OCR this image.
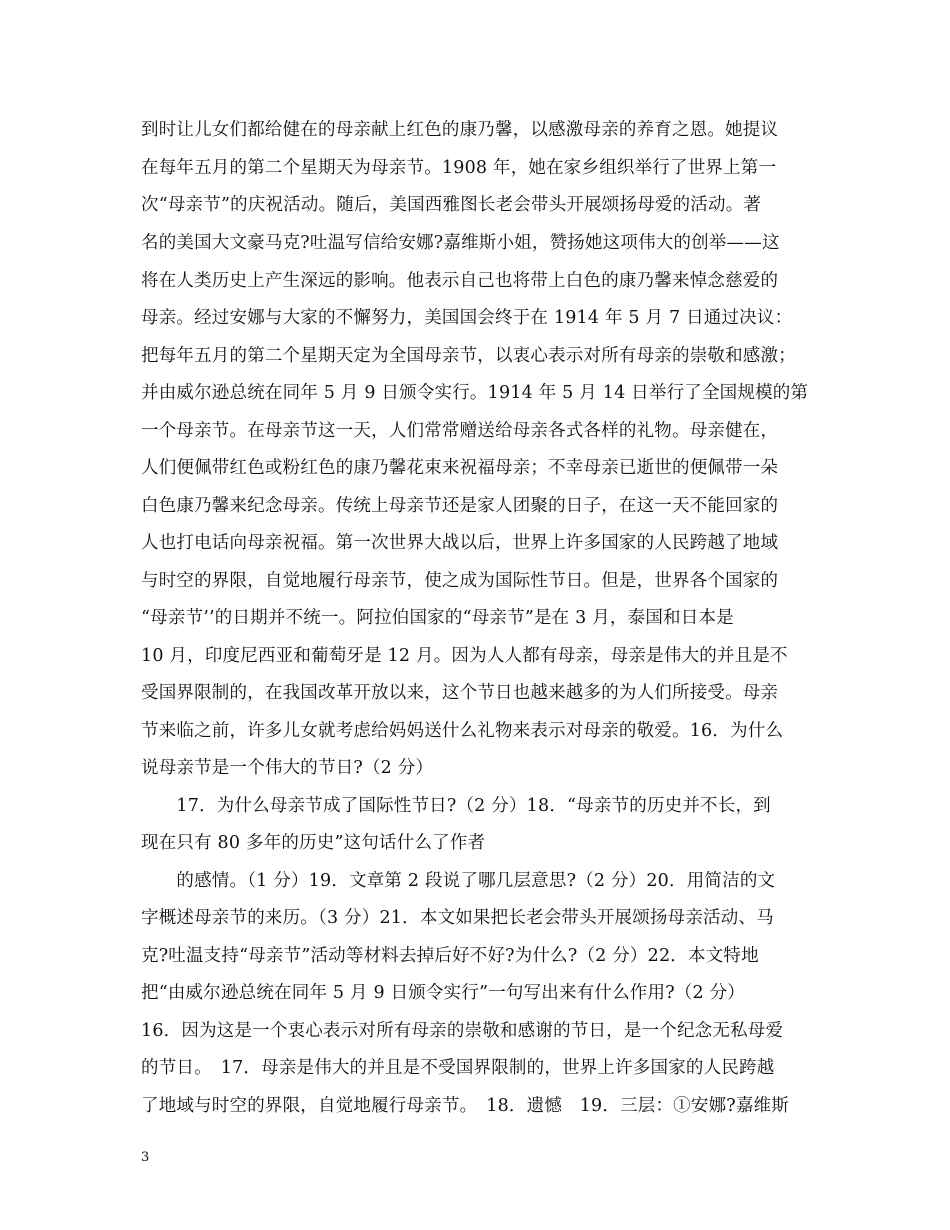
到时让儿女们都给健在的母亲献上红色的康乃馨，以感激母亲的养育之恩。她提议
在每年五月的第二个星期天为母亲节。1908 年，她在家乡组织举行了世界上第一
次“母亲节”的庆祝活动。随后，美国西雅图长老会带头开展颂扬母爱的活动。著
名的美国大文豪马克?吐温写信给安娜?嘉维斯小姐，赞扬她这项伟大的创举——这
将在人类历史上产生深远的影响。他表示自己也将带上白色的康乃馨来悼念慈爱的
母亲。经过安娜与大家的不懈努力，美国国会终于在 1914 年 5 月 7 日通过决议：
把每年五月的第二个星期天定为全国母亲节，以衷心表示对所有母亲的崇敬和感激；
并由威尔逊总统在同年 5 月 9 日颁令实行。1914 年 5 月 14 日举行了全国规模的第
一个母亲节。在母亲节这一天，人们常常赠送给母亲各式各样的礼物。母亲健在，
人们便佩带红色或粉红色的康乃馨花束来祝福母亲；不幸母亲已逝世的便佩带一朵
白色康乃馨来纪念母亲。传统上母亲节还是家人团聚的日子，在这一天不能回家的
人也打电话向母亲祝福。第一次世界大战以后，世界上许多国家的人民跨越了地域
与时空的界限，自觉地履行母亲节，使之成为国际性节日。但是，世界各个国家的
“母亲节’’的日期并不统一。阿拉伯国家的“母亲节”是在 3 月，泰国和日本是
10 月，印度尼西亚和葡萄牙是 12 月。因为人人都有母亲，母亲是伟大的并且是不
受国界限制的，在我国改革开放以来，这个节日也越来越多的为人们所接受。母亲
节来临之前，许多儿女就考虑给妈妈送什么礼物来表示对母亲的敬爱。16．为什么
说母亲节是一个伟大的节日?（2 分）
　　17．为什么母亲节成了国际性节日?（2 分）18．“母亲节的历史并不长，到
现在只有 80 多年的历史”这句话什么了作者
　　的感情。（1 分）19．文章第 2 段说了哪几层意思?（2 分）20．用简洁的文
字概述母亲节的来历。（3 分）21．本文如果把长老会带头开展颂扬母亲活动、马
克?吐温支持“母亲节”活动等材料去掉后好不好?为什么?（2 分）22．本文特地
把“由威尔逊总统在同年 5 月 9 日颁令实行”一句写出来有什么作用?（2 分）
16．因为这是一个衷心表示对所有母亲的崇敬和感谢的节日，是一个纪念无私母爱
的节日。　17．母亲是伟大的并且是不受国界限制的，世界上许多国家的人民跨越
了地域与时空的界限，自觉地履行母亲节。　18．遗憾　19．三层：①安娜?嘉维斯
3
